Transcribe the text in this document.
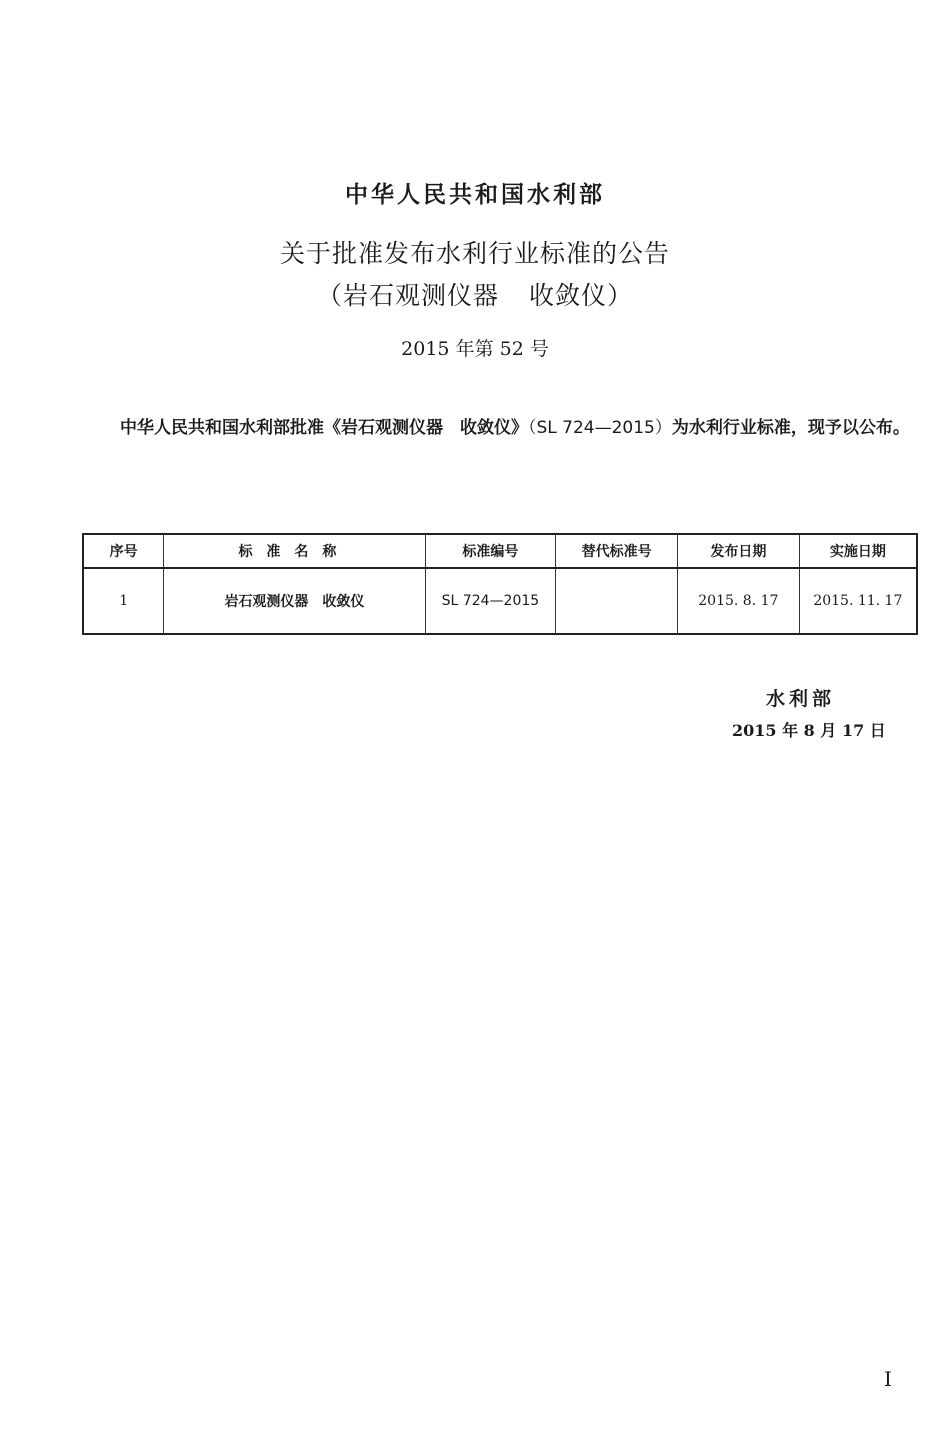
中华人民共和国水利部
关于批准发布水利行业标准的公告
（岩石观测仪器 收敛仪）
2015 年第 52 号
中华人民共和国水利部批准《岩石观测仪器　收敛仪》（SL 724—2015）为水利行业标准，现予以公布。
序号	标准名称	标准编号	替代标准号	发布日期	实施日期
1	岩石观测仪器　收敛仪	SL 724—2015		2015. 8. 17	2015. 11. 17
水利部
2015 年 8 月 17 日
I
